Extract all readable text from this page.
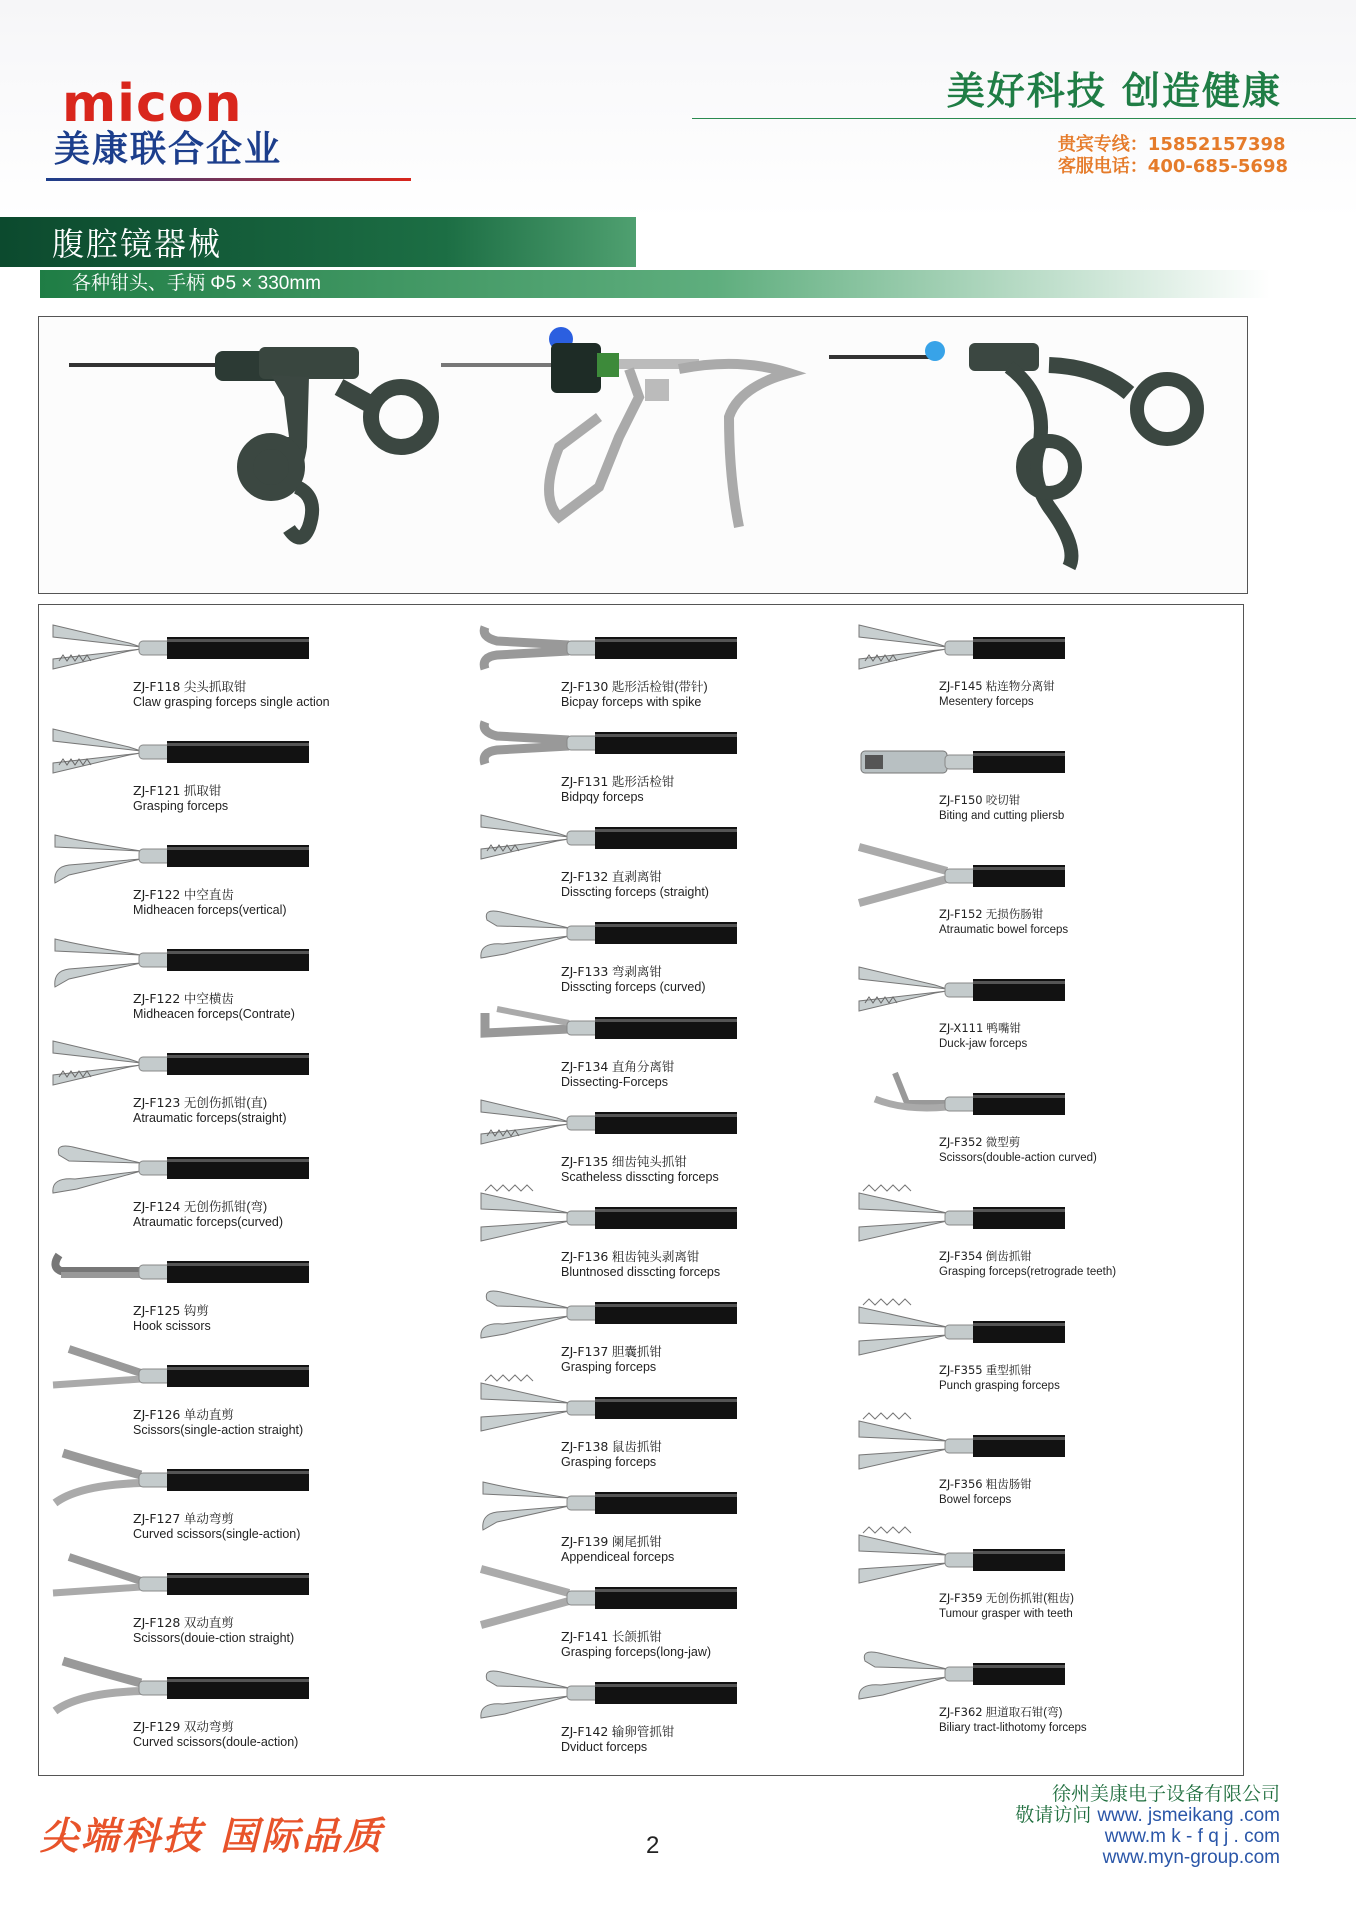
micon
美康联合企业
美好科技 创造健康
贵宾专线：15852157398
客服电话：400-685-5698
腹腔镜器械
各种钳头、手柄 Φ5 × 330mm
ZJ-F118 尖头抓取钳
Claw grasping forceps single action
ZJ-F121 抓取钳
Grasping forceps
ZJ-F122 中空直齿
Midheacen forceps(vertical)
ZJ-F122 中空横齿
Midheacen forceps(Contrate)
ZJ-F123 无创伤抓钳(直)
Atraumatic forceps(straight)
ZJ-F124 无创伤抓钳(弯)
Atraumatic forceps(curved)
ZJ-F125 钩剪
Hook scissors
ZJ-F126 单动直剪
Scissors(single-action straight)
ZJ-F127 单动弯剪
Curved scissors(single-action)
ZJ-F128 双动直剪
Scissors(douie-ction straight)
ZJ-F129 双动弯剪
Curved scissors(doule-action)
ZJ-F130 匙形活检钳(带针)
Bicpay forceps with spike
ZJ-F131 匙形活检钳
Bidpqy forceps
ZJ-F132 直剥离钳
Disscting forceps (straight)
ZJ-F133 弯剥离钳
Disscting forceps (curved)
ZJ-F134 直角分离钳
Dissecting-Forceps
ZJ-F135 细齿钝头抓钳
Scatheless disscting forceps
ZJ-F136 粗齿钝头剥离钳
Bluntnosed disscting forceps
ZJ-F137 胆囊抓钳
Grasping forceps
ZJ-F138 鼠齿抓钳
Grasping forceps
ZJ-F139 阑尾抓钳
Appendiceal forceps
ZJ-F141 长颌抓钳
Grasping forceps(long-jaw)
ZJ-F142 输卵管抓钳
Dviduct forceps
ZJ-F145 粘连物分离钳
Mesentery forceps
ZJ-F150 咬切钳
Biting and cutting pliersb
ZJ-F152 无损伤肠钳
Atraumatic bowel forceps
ZJ-X111 鸭嘴钳
Duck-jaw forceps
ZJ-F352 微型剪
Scissors(double-action curved)
ZJ-F354 倒齿抓钳
Grasping forceps(retrograde teeth)
ZJ-F355 重型抓钳
Punch grasping forceps
ZJ-F356 粗齿肠钳
Bowel forceps
ZJ-F359 无创伤抓钳(粗齿)
Tumour grasper with teeth
ZJ-F362 胆道取石钳(弯)
Biliary tract-lithotomy forceps
尖端科技 国际品质	2
徐州美康电子设备有限公司
敬请访问 www. jsmeikang .com
www.m k - f q j . com
www.myn-group.com
